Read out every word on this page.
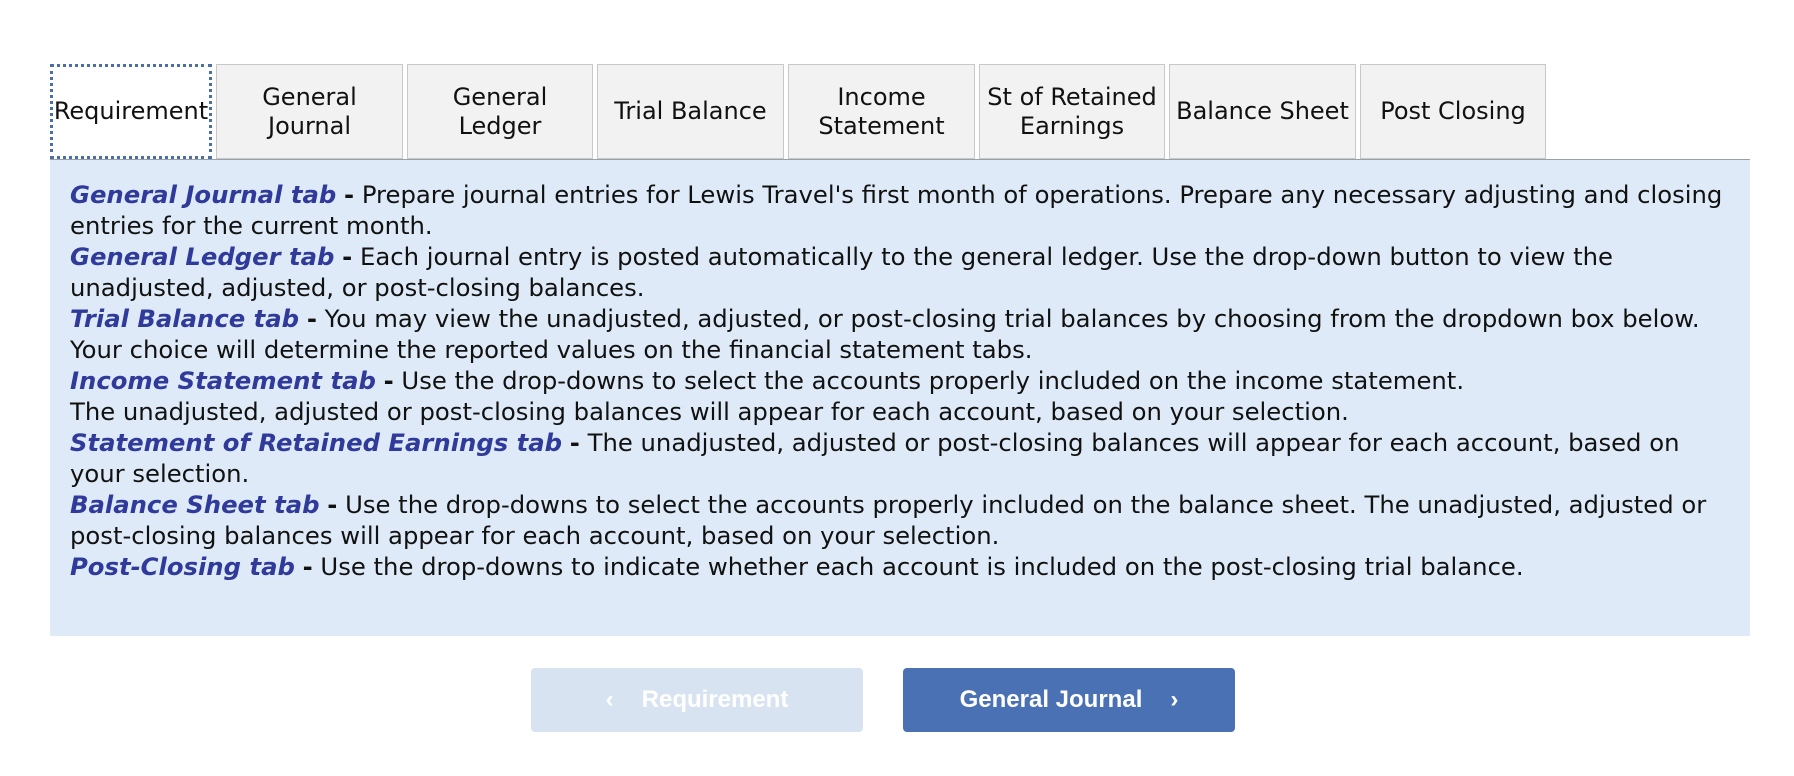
Requirement
General
Journal
General
Ledger
Trial Balance
Income
Statement
St of Retained
Earnings
Balance Sheet Post Closing

General Journal tab - Prepare journal entries for Lewis Travel's first month of operations. Prepare any necessary adjusting and closing entries for the current month.

General Ledger tab - Each journal entry is posted automatically to the general ledger. Use the drop-down button to view the unadjusted, adjusted, or post-closing balances.

Trial Balance tab - You may view the unadjusted, adjusted, or post-closing trial balances by choosing from the dropdown box below. Your choice will determine the reported values on the financial statement tabs.

Income Statement tab - Use the drop-downs to select the accounts properly included on the income statement.
The unadjusted, adjusted or post-closing balances will appear for each account, based on your selection.

Statement of Retained Earnings tab - The unadjusted, adjusted or post-closing balances will appear for each account, based on your selection.

Balance Sheet tab - Use the drop-downs to select the accounts properly included on the balance sheet. The unadjusted, adjusted or post-closing balances will appear for each account, based on your selection.

Post-Closing tab - Use the drop-downs to indicate whether each account is included on the post-closing trial balance.

‹ Requirement	General Journal ›
